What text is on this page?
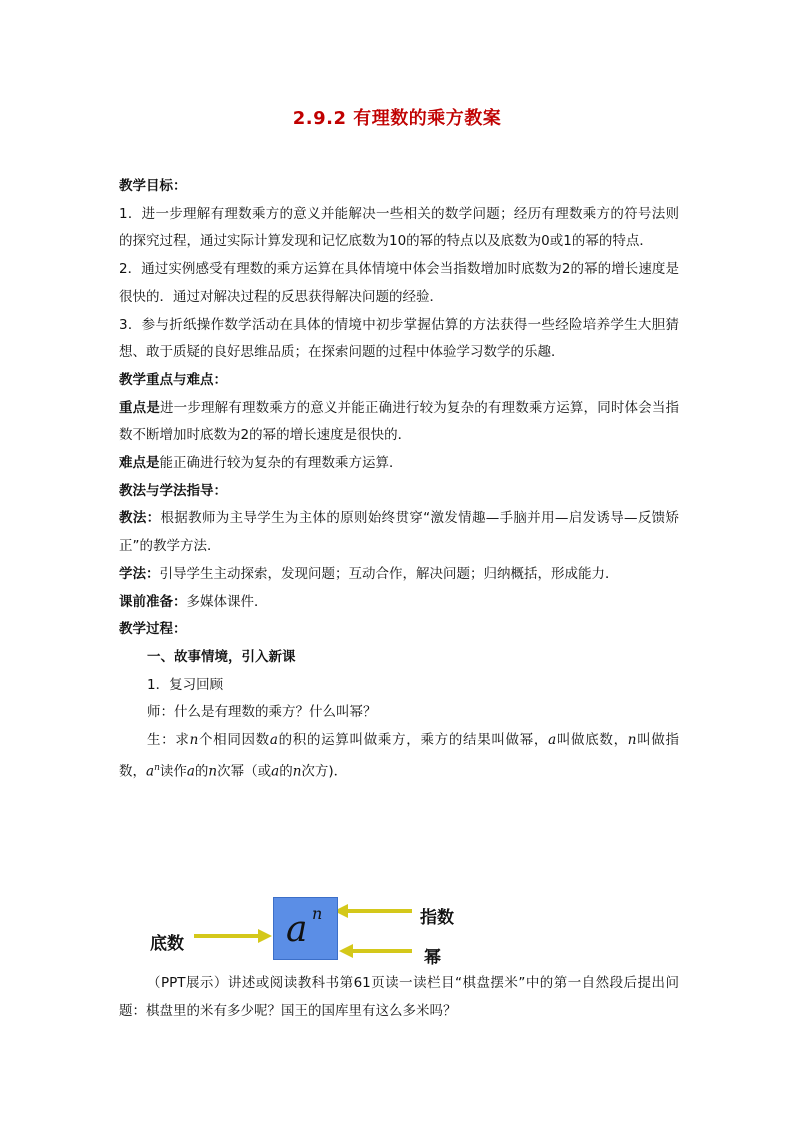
2.9.2 有理数的乘方教案
教学目标：
1．进一步理解有理数乘方的意义并能解决一些相关的数学问题；经历有理数乘方的符号法则的探究过程，通过实际计算发现和记忆底数为10的幂的特点以及底数为0或1的幂的特点．
2．通过实例感受有理数的乘方运算在具体情境中体会当指数增加时底数为2的幂的增长速度是很快的．通过对解决过程的反思获得解决问题的经验．
3．参与折纸操作数学活动在具体的情境中初步掌握估算的方法获得一些经险培养学生大胆猜想、敢于质疑的良好思维品质；在探索问题的过程中体验学习数学的乐趣．
教学重点与难点：
重点是进一步理解有理数乘方的意义并能正确进行较为复杂的有理数乘方运算，同时体会当指数不断增加时底数为2的幂的增长速度是很快的．
难点是能正确进行较为复杂的有理数乘方运算．
教法与学法指导：
教法：根据教师为主导学生为主体的原则始终贯穿“激发情趣—手脑并用—启发诱导—反馈矫正”的教学方法．
学法：引导学生主动探索，发现问题；互动合作，解决问题；归纳概括，形成能力．
课前准备：多媒体课件．
教学过程：
一、故事情境，引入新课
1．复习回顾
师：什么是有理数的乘方？什么叫幂？
生：求n个相同因数a的积的运算叫做乘方，乘方的结果叫做幂，a叫做底数，n叫做指数，$a^n$读作a的n次幂（或a的n次方)．
a n
底数
指数
幂
（PPT展示）讲述或阅读教科书第61页读一读栏目“棋盘摆米”中的第一自然段后提出问题：棋盘里的米有多少呢？国王的国库里有这么多米吗？
